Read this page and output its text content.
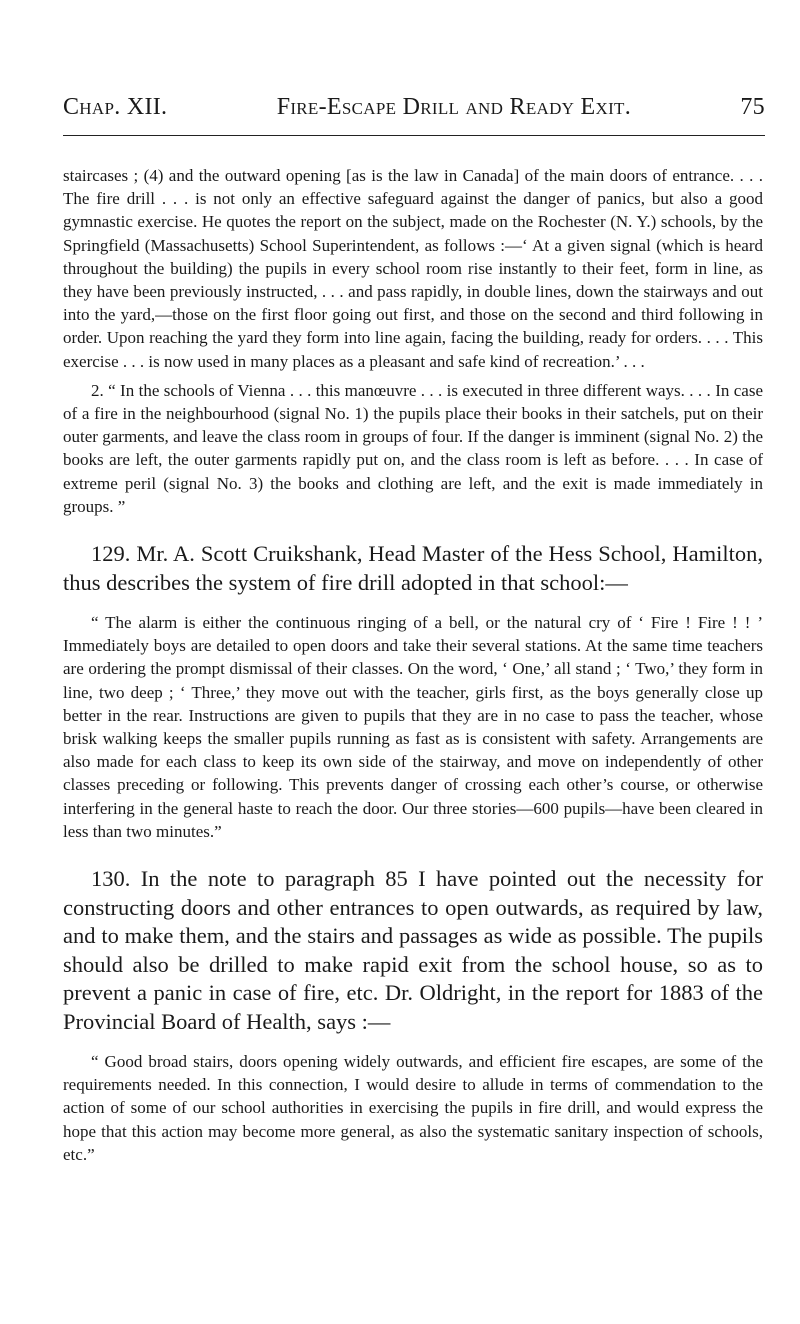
Chap. XII.	Fire-Escape Drill and Ready Exit.	75

staircases ; (4) and the outward opening [as is the law in Canada] of the main doors of entrance. . . . The fire drill . . . is not only an effective safeguard against the danger of panics, but also a good gymnastic exercise. He quotes the report on the subject, made on the Rochester (N. Y.) schools, by the Springfield (Massachusetts) School Superintendent, as follows :—‘ At a given signal (which is heard throughout the building) the pupils in every school room rise instantly to their feet, form in line, as they have been previously instructed, . . . and pass rapidly, in double lines, down the stairways and out into the yard,—those on the first floor going out first, and those on the second and third following in order. Upon reaching the yard they form into line again, facing the building, ready for orders. . . . This exercise . . . is now used in many places as a pleasant and safe kind of recreation.’ . . .

2. “ In the schools of Vienna . . . this manœuvre . . . is executed in three different ways. . . . In case of a fire in the neighbourhood (signal No. 1) the pupils place their books in their satchels, put on their outer garments, and leave the class room in groups of four. If the danger is imminent (signal No. 2) the books are left, the outer garments rapidly put on, and the class room is left as before. . . . In case of extreme peril (signal No. 3) the books and clothing are left, and the exit is made immediately in groups. ”

129. Mr. A. Scott Cruikshank, Head Master of the Hess School, Hamilton, thus describes the system of fire drill adopted in that school:—

“ The alarm is either the continuous ringing of a bell, or the natural cry of ‘ Fire ! Fire ! ! ’ Immediately boys are detailed to open doors and take their several stations. At the same time teachers are ordering the prompt dismissal of their classes. On the word, ‘ One,’ all stand ; ‘ Two,’ they form in line, two deep ; ‘ Three,’ they move out with the teacher, girls first, as the boys generally close up better in the rear. Instructions are given to pupils that they are in no case to pass the teacher, whose brisk walking keeps the smaller pupils running as fast as is consistent with safety. Arrangements are also made for each class to keep its own side of the stairway, and move on independently of other classes preceding or following. This prevents danger of crossing each other’s course, or otherwise interfering in the general haste to reach the door. Our three stories—600 pupils—have been cleared in less than two minutes.”

130. In the note to paragraph 85 I have pointed out the necessity for constructing doors and other entrances to open outwards, as required by law, and to make them, and the stairs and passages as wide as possible. The pupils should also be drilled to make rapid exit from the school house, so as to prevent a panic in case of fire, etc. Dr. Oldright, in the report for 1883 of the Provincial Board of Health, says :—

“ Good broad stairs, doors opening widely outwards, and efficient fire escapes, are some of the requirements needed. In this connection, I would desire to allude in terms of commendation to the action of some of our school authorities in exercising the pupils in fire drill, and would express the hope that this action may become more general, as also the systematic sanitary inspection of schools, etc.”
